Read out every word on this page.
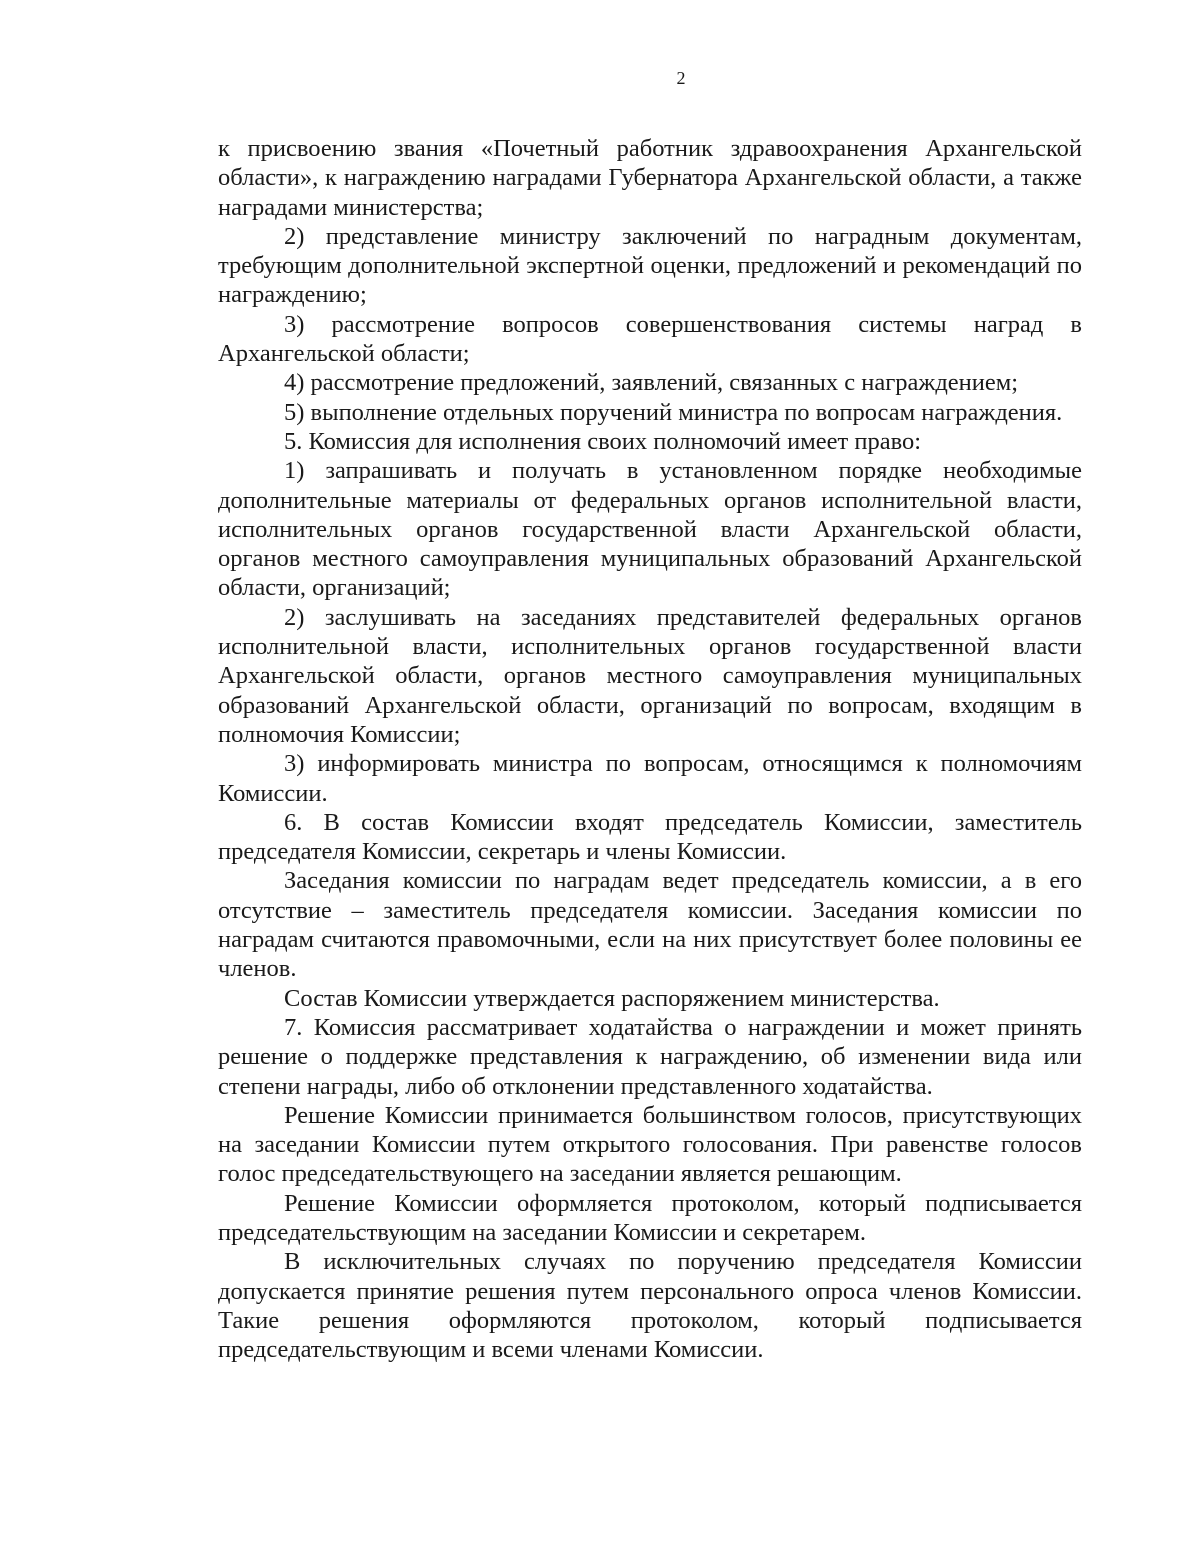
2

к присвоению звания «Почетный работник здравоохранения Архангельской области», к награждению наградами Губернатора Архангельской области, а также наградами министерства;

2) представление министру заключений по наградным документам, требующим дополнительной экспертной оценки, предложений и рекомендаций по награждению;

3) рассмотрение вопросов совершенствования системы наград в Архангельской области;

4) рассмотрение предложений, заявлений, связанных с награждением;

5) выполнение отдельных поручений министра по вопросам награждения.

5. Комиссия для исполнения своих полномочий имеет право:

1) запрашивать и получать в установленном порядке необходимые дополнительные материалы от федеральных органов исполнительной власти, исполнительных органов государственной власти Архангельской области, органов местного самоуправления муниципальных образований Архангельской области, организаций;

2) заслушивать на заседаниях представителей федеральных органов исполнительной власти, исполнительных органов государственной власти Архангельской области, органов местного самоуправления муниципальных образований Архангельской области, организаций по вопросам, входящим в полномочия Комиссии;

3) информировать министра по вопросам, относящимся к полномочиям Комиссии.

6. В состав Комиссии входят председатель Комиссии, заместитель председателя Комиссии, секретарь и члены Комиссии.

Заседания комиссии по наградам ведет председатель комиссии, а в его отсутствие – заместитель председателя комиссии. Заседания комиссии по наградам считаются правомочными, если на них присутствует более половины ее членов.

Состав Комиссии утверждается распоряжением министерства.

7. Комиссия рассматривает ходатайства о награждении и может принять решение о поддержке представления к награждению, об изменении вида или степени награды, либо об отклонении представленного ходатайства.

Решение Комиссии принимается большинством голосов, присутствующих на заседании Комиссии путем открытого голосования. При равенстве голосов голос председательствующего на заседании является решающим.

Решение Комиссии оформляется протоколом, который подписывается председательствующим на заседании Комиссии и секретарем.

В исключительных случаях по поручению председателя Комиссии допускается принятие решения путем персонального опроса членов Комиссии. Такие решения оформляются протоколом, который подписывается председательствующим и всеми членами Комиссии.
